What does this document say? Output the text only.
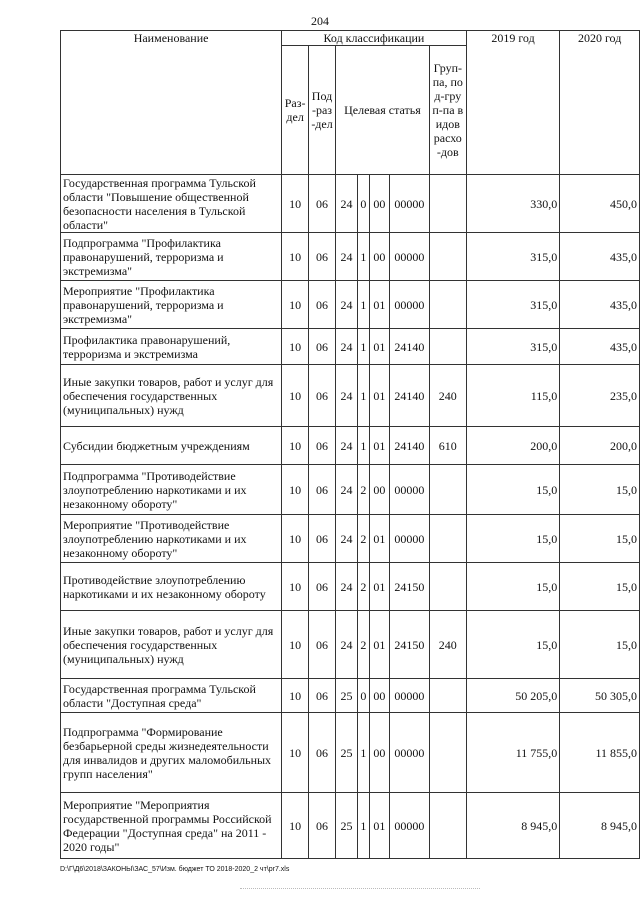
204
Наименование	Код классификации							2019 год	2020 год
	Раз-дел	Под-раз-дел	Целевая статья				Груп-па, под-груп-па видов расхо-дов		
Государственная программа Тульской области "Повышение общественной безопасности населения в Тульской области"	10	06	24	0	00	00000		330,0	450,0
Подпрограмма "Профилактика правонарушений, терроризма и экстремизма"	10	06	24	1	00	00000		315,0	435,0
Мероприятие "Профилактика правонарушений, терроризма и экстремизма"	10	06	24	1	01	00000		315,0	435,0
Профилактика правонарушений, терроризма и экстремизма	10	06	24	1	01	24140		315,0	435,0
Иные закупки товаров, работ и услуг для обеспечения государственных (муниципальных) нужд	10	06	24	1	01	24140	240	115,0	235,0
Субсидии бюджетным учреждениям	10	06	24	1	01	24140	610	200,0	200,0
Подпрограмма "Противодействие злоупотреблению наркотиками и их незаконному обороту"	10	06	24	2	00	00000		15,0	15,0
Мероприятие "Противодействие злоупотреблению наркотиками и их незаконному обороту"	10	06	24	2	01	00000		15,0	15,0
Противодействие злоупотреблению наркотиками и их незаконному обороту	10	06	24	2	01	24150		15,0	15,0
Иные закупки товаров, работ и услуг для обеспечения государственных (муниципальных) нужд	10	06	24	2	01	24150	240	15,0	15,0
Государственная программа Тульской области "Доступная среда"	10	06	25	0	00	00000		50 205,0	50 305,0
Подпрограмма "Формирование безбарьерной среды жизнедеятельности для инвалидов и других маломобильных групп населения"	10	06	25	1	00	00000		11 755,0	11 855,0
Мероприятие "Мероприятия государственной программы Российской Федерации "Доступная среда" на 2011 - 2020 годы"	10	06	25	1	01	00000		8 945,0	8 945,0
D:\Г\Д6\2018\ЗАКОНЫ\ЗАС_57\Изм. бюджет ТО 2018-2020_2 чт\pr7.xls
